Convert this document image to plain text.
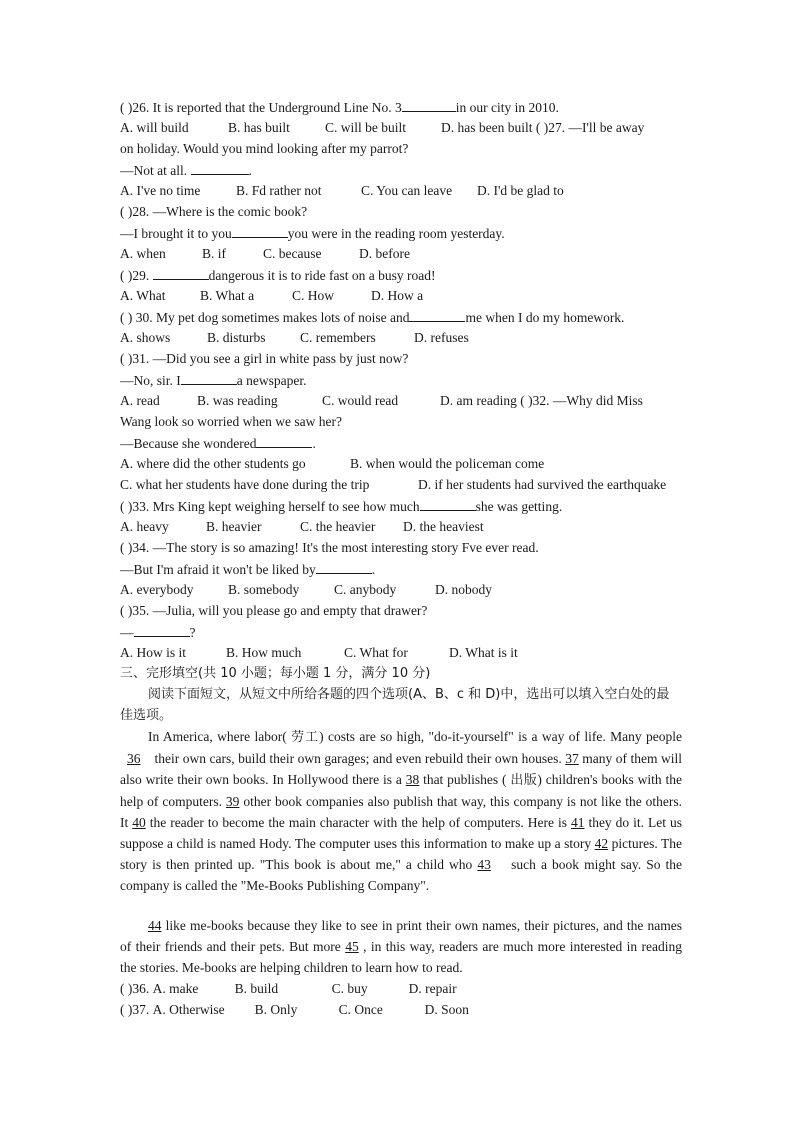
( )26. It is reported that the Underground Line No. 3	in our city in 2010.
A. will build	B. has built	C. will be built	D. has been built ( )27. —I'll be away
on holiday. Would you mind looking after my parrot?
—Not at all.	.
A. I've no time	B. Fd rather not	C. You can leave D. I'd be glad to
( )28. —Where is the comic book?
—I brought it to you	you were in the reading room yesterday.
A. when	B. if	C. because	D. before
( )29.	dangerous it is to ride fast on a busy road!
A. What	B. What a	C. How	D. How a
( ) 30. My pet dog sometimes makes lots of noise and	me when I do my homework.
A. shows	B. disturbs	C. remembers	D. refuses
( )31. —Did you see a girl in white pass by just now?
—No, sir. I	a newspaper.
A. read	B. was reading	C. would read	D. am reading ( )32. —Why did Miss
Wang look so worried when we saw her?
—Because she wondered	.
A. where did the other students go	B. when would the policeman come
C. what her students have done during the trip	D. if her students had survived the earthquake
( )33. Mrs King kept weighing herself to see how much	she was getting.
A. heavy	B. heavier	C. the heavier D. the heaviest
( )34. —The story is so amazing! It's the most interesting story Fve ever read.
—But I'm afraid it won't be liked by	.
A. everybody	B. somebody	C. anybody	D. nobody
( )35. —Julia, will you please go and empty that drawer?
—	?
A. How is it	B. How much	C. What for	D. What is it
三、完形填空(共 10 小题；每小题 1 分，满分 10 分)
阅读下面短文，从短文中所给各题的四个选项(A、B、c 和 D)中，选出可以填入空白处的最佳选项。
In America, where labor( 劳工) costs are so high, "do-it-yourself" is a way of life. Many people   36    their own cars, build their own garages; and even rebuild their own houses. 37 many of them will also write their own books. In Hollywood there is a 38 that publishes ( 出版) children's books with the help of computers. 39 other book companies also publish that way, this company is not like the others. It 40 the reader to become the main character with the help of computers. Here is 41 they do it. Let us suppose a child is named Hody. The computer uses this information to make up a story 42 pictures. The story is then printed up. "This book is about me," a child who 43    such a book might say. So the company is called the "Me-Books Publishing Company".
44 like me-books because they like to see in print their own names, their pictures, and the names of their friends and their pets. But more 45 , in this way, readers are much more interested in reading the stories. Me-books are helping children to learn how to read.
( )36. A. make	B. build	C. buy	D. repair
( )37. A. Otherwise B. Only	C. Once	D. Soon
